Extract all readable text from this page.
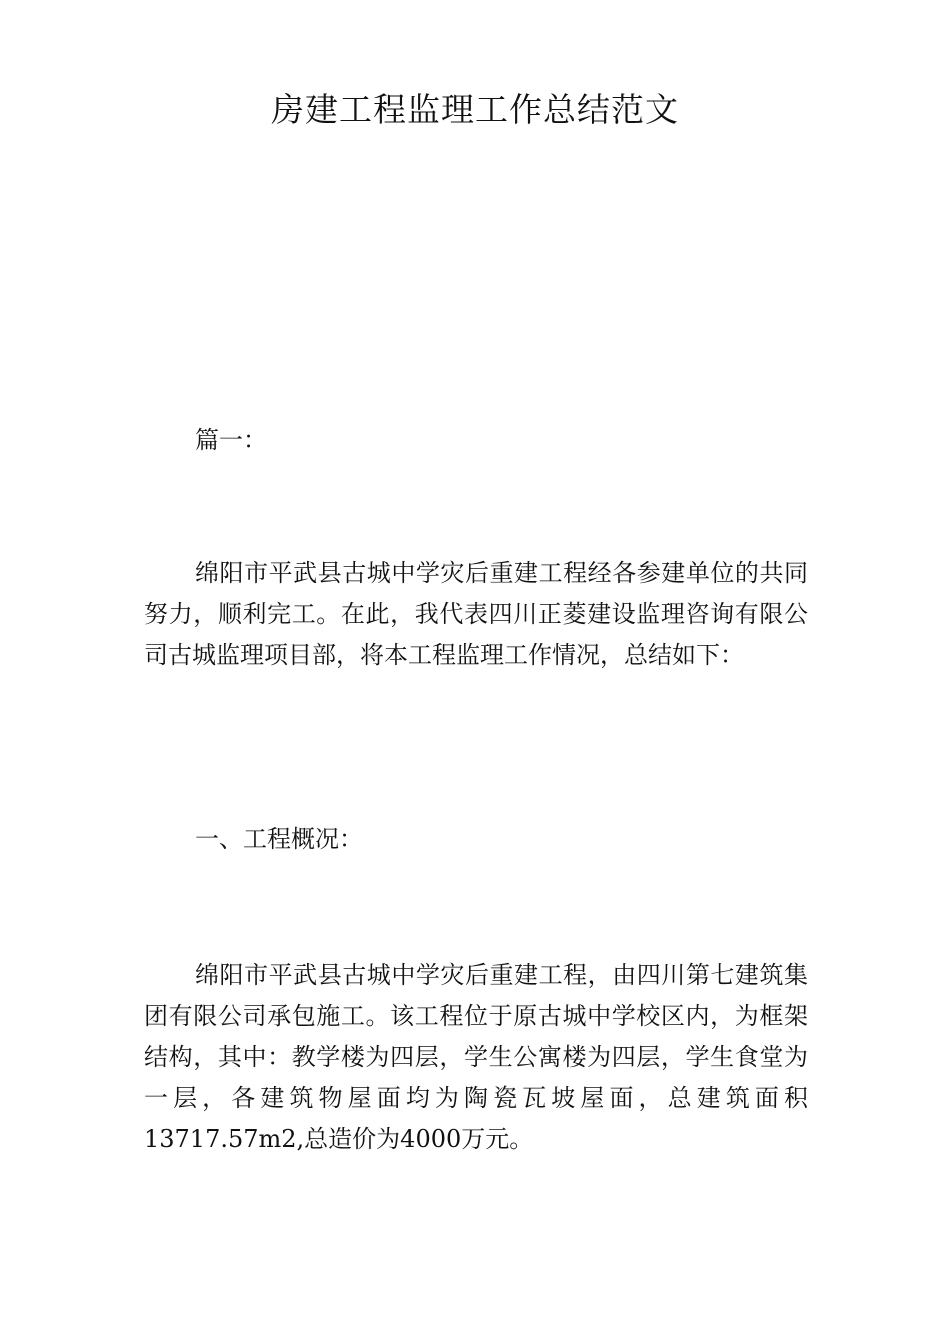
房建工程监理工作总结范文
篇一：
绵阳市平武县古城中学灾后重建工程经各参建单位的共同努力，顺利完工。在此，我代表四川正菱建设监理咨询有限公司古城监理项目部，将本工程监理工作情况，总结如下：
一、工程概况：
绵阳市平武县古城中学灾后重建工程，由四川第七建筑集团有限公司承包施工。该工程位于原古城中学校区内，为框架结构，其中：教学楼为四层，学生公寓楼为四层，学生食堂为一层，各建筑物屋面均为陶瓷瓦坡屋面，总建筑面积13717.57m2,总造价为4000万元。
